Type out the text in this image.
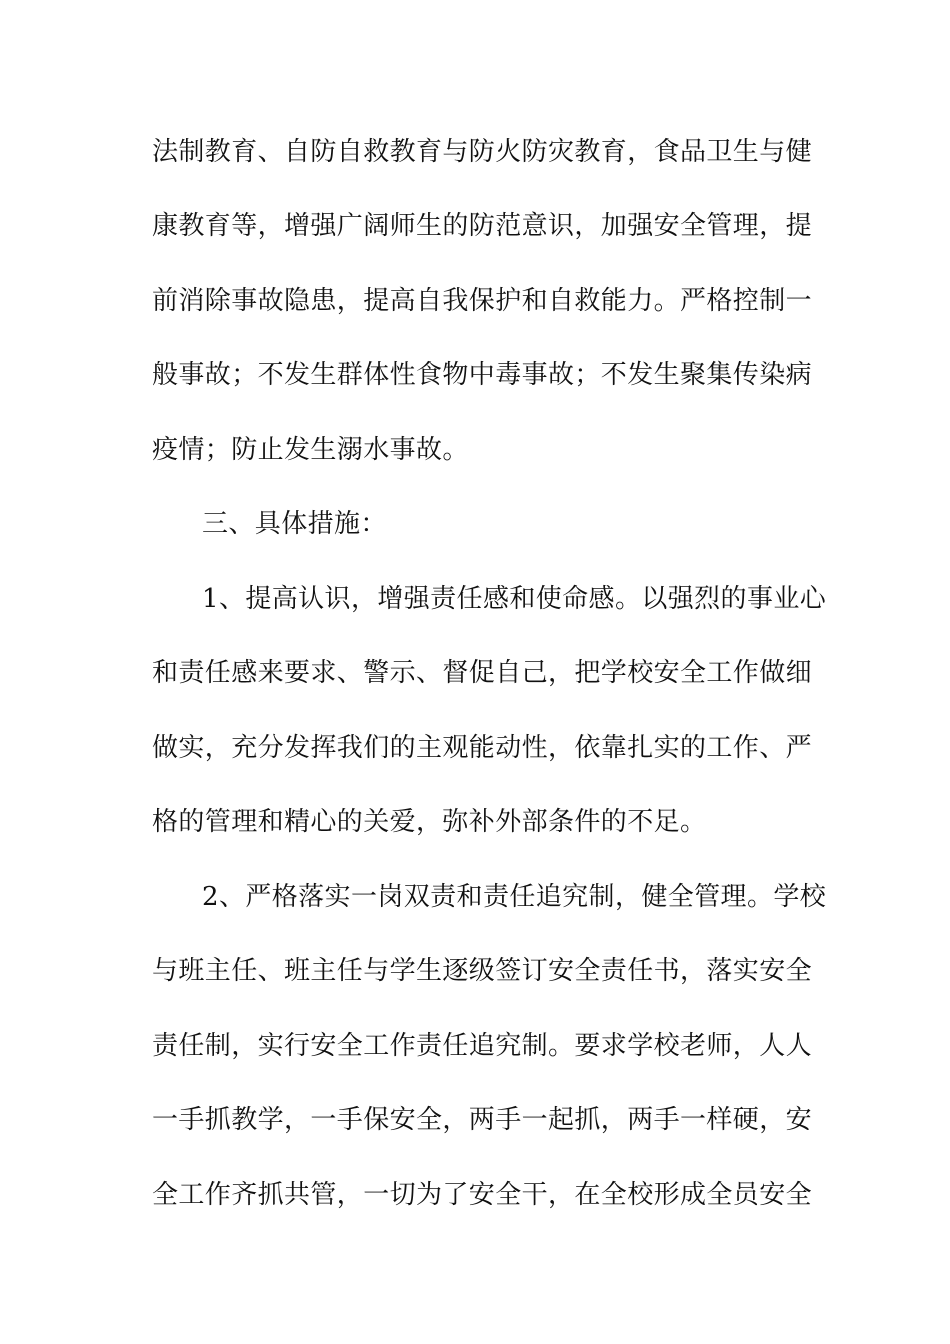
法制教育、自防自救教育与防火防灾教育，食品卫生与健

康教育等，增强广阔师生的防范意识，加强安全管理，提

前消除事故隐患，提高自我保护和自救能力。严格控制一

般事故；不发生群体性食物中毒事故；不发生聚集传染病

疫情；防止发生溺水事故。

三、具体措施：

1、提高认识，增强责任感和使命感。以强烈的事业心

和责任感来要求、警示、督促自己，把学校安全工作做细

做实，充分发挥我们的主观能动性，依靠扎实的工作、严

格的管理和精心的关爱，弥补外部条件的不足。

2、严格落实一岗双责和责任追究制，健全管理。学校

与班主任、班主任与学生逐级签订安全责任书，落实安全

责任制，实行安全工作责任追究制。要求学校老师，人人

一手抓教学，一手保安全，两手一起抓，两手一样硬，安

全工作齐抓共管，一切为了安全干，在全校形成全员安全
